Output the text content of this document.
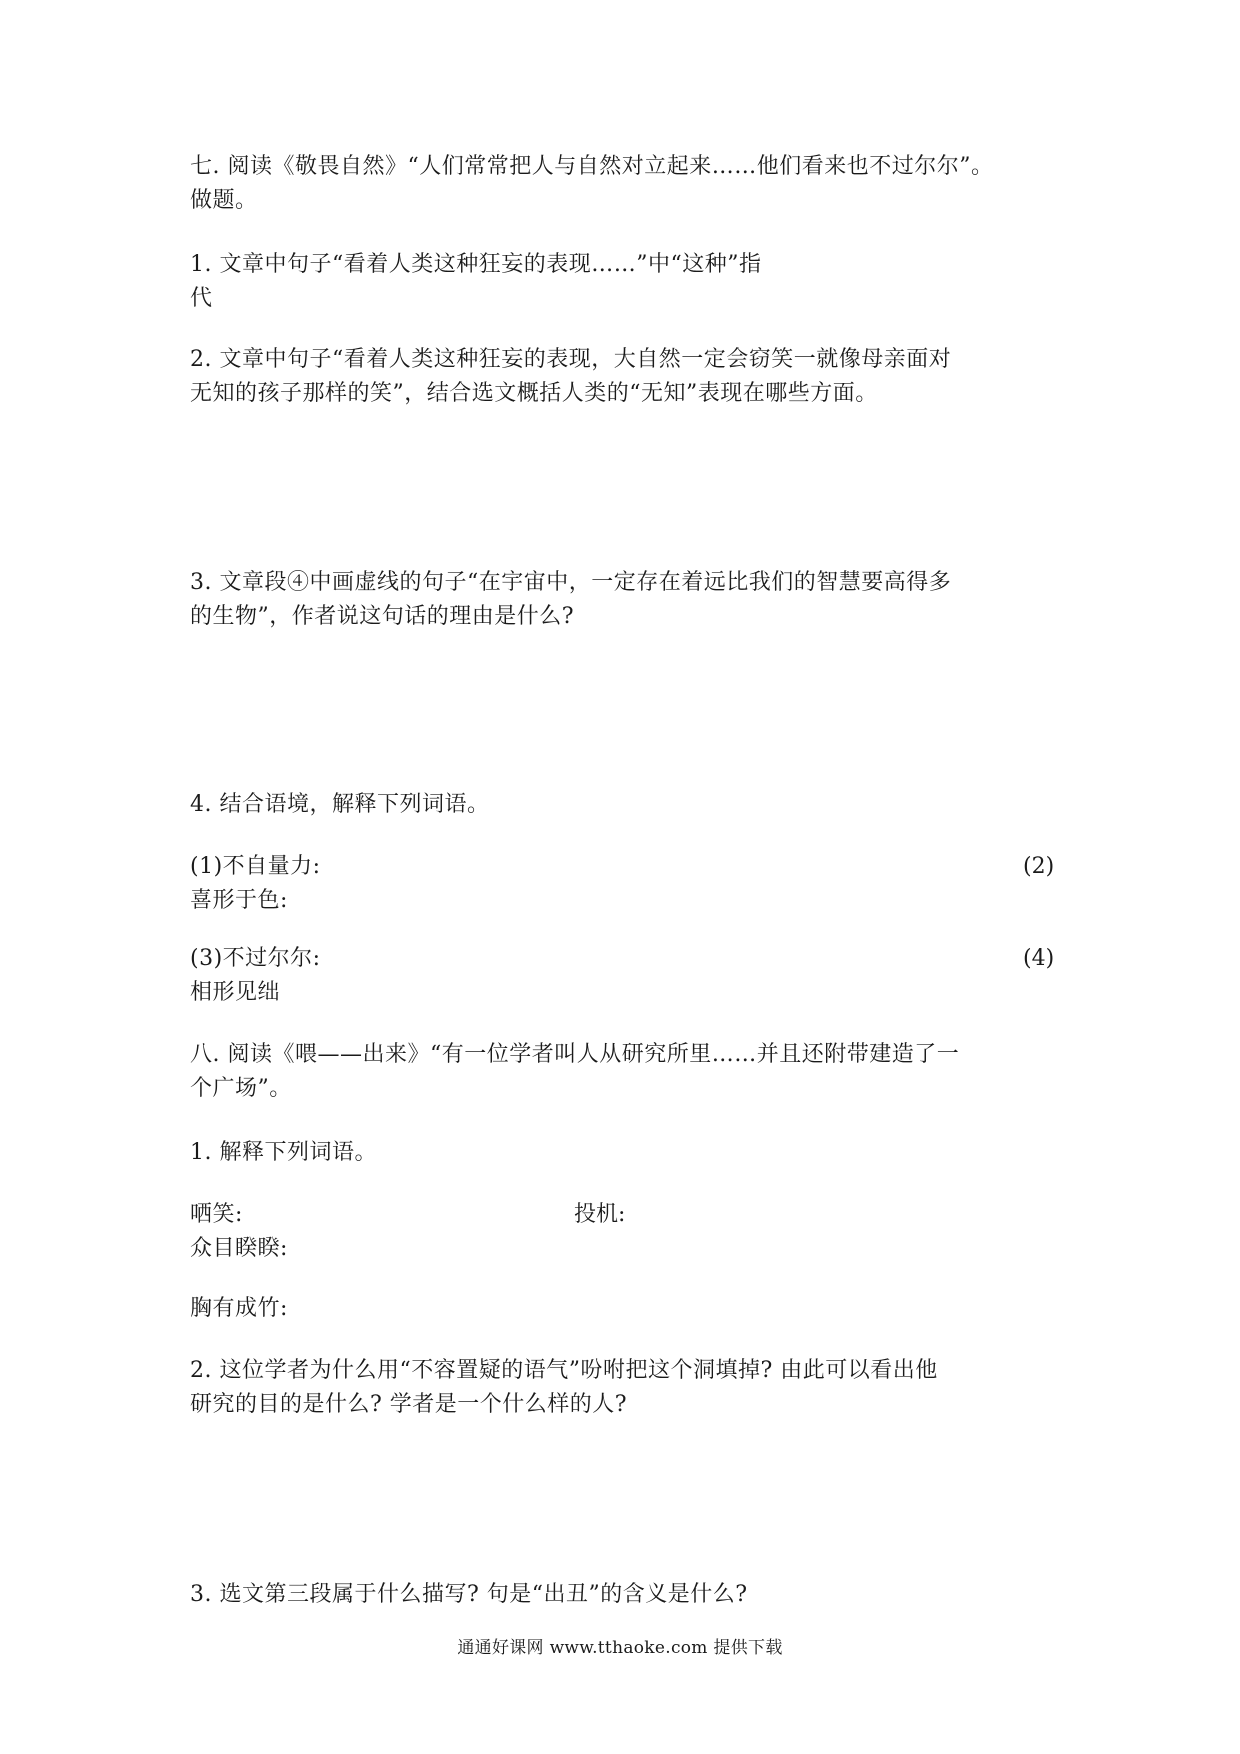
七. 阅读《敬畏自然》“人们常常把人与自然对立起来……他们看来也不过尔尔”。
做题。
1. 文章中句子“看着人类这种狂妄的表现……”中“这种”指
代
2. 文章中句子“看着人类这种狂妄的表现，大自然一定会窃笑一就像母亲面对
无知的孩子那样的笑”，结合选文概括人类的“无知”表现在哪些方面。
3. 文章段④中画虚线的句子“在宇宙中，一定存在着远比我们的智慧要高得多
的生物”，作者说这句话的理由是什么?
4. 结合语境，解释下列词语。
(1)不自量力:	(2)
喜形于色:
(3)不过尔尔:	(4)
相形见绌
八. 阅读《喂——出来》“有一位学者叫人从研究所里……并且还附带建造了一
个广场”。
1. 解释下列词语。
哂笑:	投机:
众目睽睽:
胸有成竹:
2. 这位学者为什么用“不容置疑的语气”吩咐把这个洞填掉? 由此可以看出他
研究的目的是什么? 学者是一个什么样的人?
3. 选文第三段属于什么描写? 句是“出丑”的含义是什么?
通通好课网 www.tthaoke.com 提供下载
